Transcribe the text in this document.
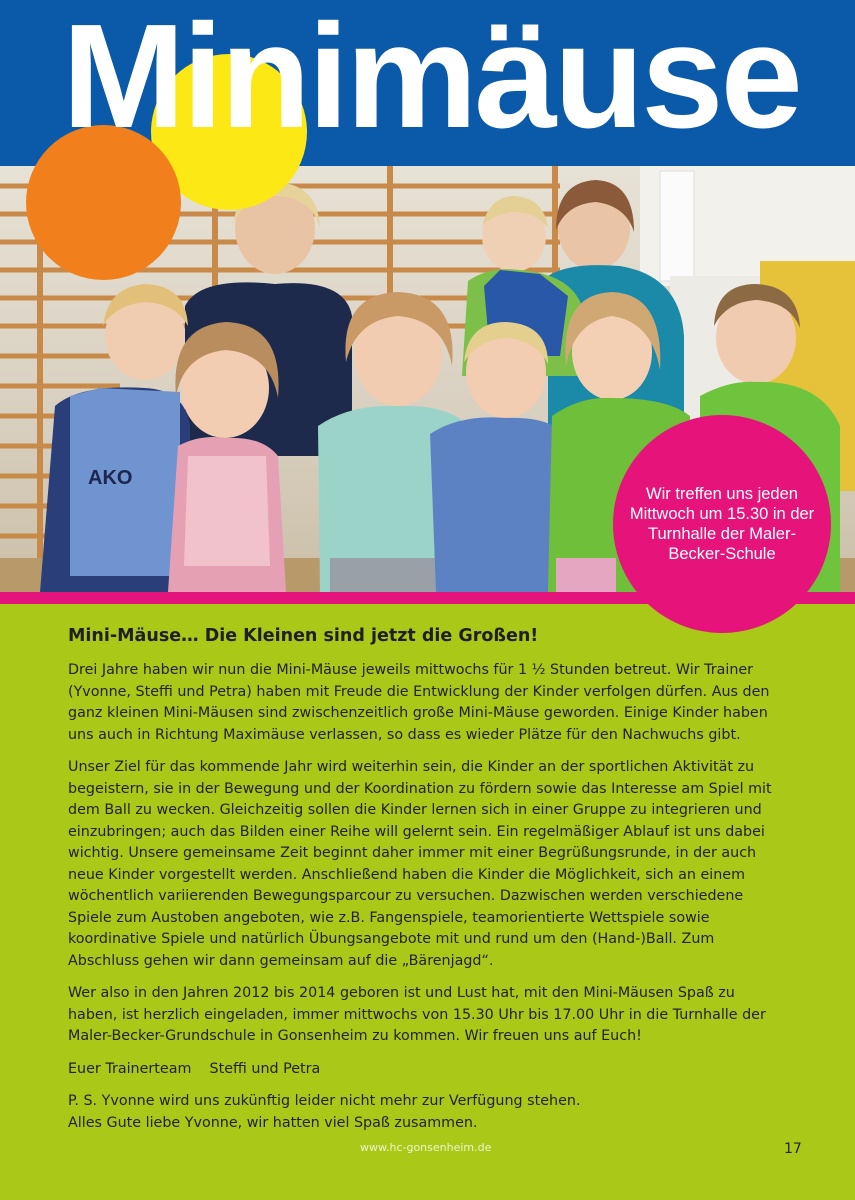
Minimäuse
AKO

Wir treffen uns jeden Mittwoch um 15.30 in der Turnhalle der Maler-Becker-Schule

Mini-Mäuse… Die Kleinen sind jetzt die Großen!

Drei Jahre haben wir nun die Mini-Mäuse jeweils mittwochs für 1 ½ Stunden betreut. Wir Trainer (Yvonne, Steffi und Petra) haben mit Freude die Entwicklung der Kinder verfolgen dürfen. Aus den ganz kleinen Mini-Mäusen sind zwischenzeitlich große Mini-Mäuse geworden. Einige Kinder haben uns auch in Richtung Maximäuse verlassen, so dass es wieder Plätze für den Nachwuchs gibt.

Unser Ziel für das kommende Jahr wird weiterhin sein, die Kinder an der sportlichen Aktivität zu begeistern, sie in der Bewegung und der Koordination zu fördern sowie das Interesse am Spiel mit dem Ball zu wecken. Gleichzeitig sollen die Kinder lernen sich in einer Gruppe zu integrieren und einzubringen; auch das Bilden einer Reihe will gelernt sein. Ein regelmäßiger Ablauf ist uns dabei wichtig. Unsere gemeinsame Zeit beginnt daher immer mit einer Begrüßungsrunde, in der auch neue Kinder vorgestellt werden. Anschließend haben die Kinder die Möglichkeit, sich an einem wöchentlich variierenden Bewegungsparcour zu versuchen. Dazwischen werden verschiedene Spiele zum Austoben angeboten, wie z.B. Fangenspiele, teamorientierte Wettspiele sowie koordinative Spiele und natürlich Übungsangebote mit und rund um den (Hand-)Ball. Zum Abschluss gehen wir dann gemeinsam auf die „Bärenjagd“.

Wer also in den Jahren 2012 bis 2014 geboren ist und Lust hat, mit den Mini-Mäusen Spaß zu haben, ist herzlich eingeladen, immer mittwochs von 15.30 Uhr bis 17.00 Uhr in die Turnhalle der Maler-Becker-Grundschule in Gonsenheim zu kommen. Wir freuen uns auf Euch!

Euer Trainerteam    Steffi und Petra

P. S. Yvonne wird uns zukünftig leider nicht mehr zur Verfügung stehen.

Alles Gute liebe Yvonne, wir hatten viel Spaß zusammen.

www.hc-gonsenheim.de	17
